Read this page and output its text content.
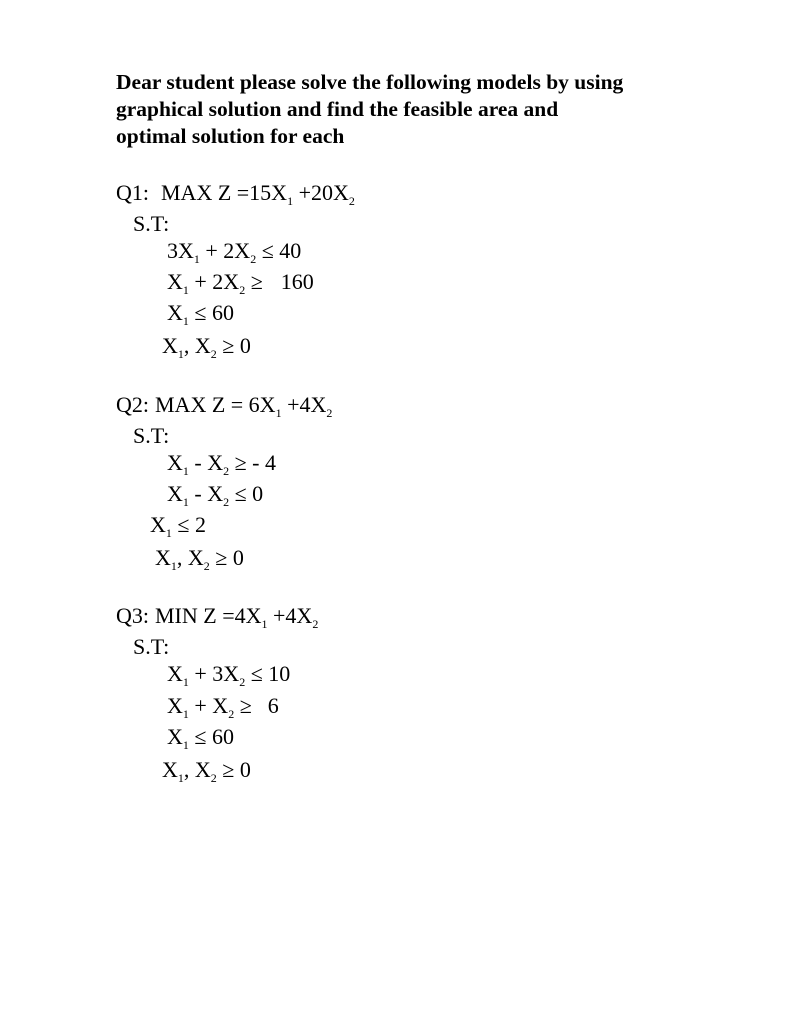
Dear student please solve the following models by using
graphical solution and find the feasible area and
optimal solution for each
Q1: MAX $Z =15X_1 +20X_2$
S.T:
$3X_1 + 2X_2 \le 40$
$X_1 + 2X_2 \ge 160$
$X_1 \le 60$
$X_1$, $X_2 \ge 0$
Q2: MAX $Z = 6X_1 +4X_2$
S.T:
$X_1 - X_2$ ≥ - 4
$X_1 - X_2 \le 0$
$X_1 \le 2$
$X_1$, $X_2 \ge 0$
Q3: MIN $Z =4X_1 +4X_2$
S.T:
$X_1 + 3X_2 \le 10$
$X_1 + X_2 \ge 6$
$X_1 \le 60$
$X_1$, $X_2 \ge 0$
